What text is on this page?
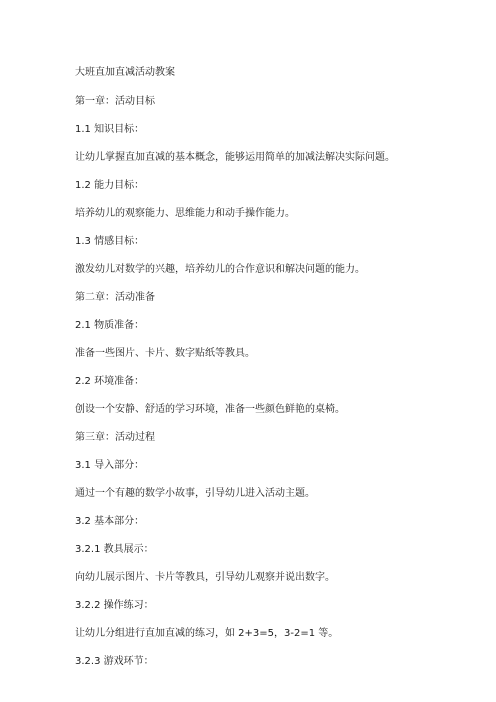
大班直加直减活动教案
第一章：活动目标
1.1 知识目标：
让幼儿掌握直加直减的基本概念，能够运用简单的加减法解决实际问题。
1.2 能力目标：
培养幼儿的观察能力、思维能力和动手操作能力。
1.3 情感目标：
激发幼儿对数学的兴趣，培养幼儿的合作意识和解决问题的能力。
第二章：活动准备
2.1 物质准备：
准备一些图片、卡片、数字贴纸等教具。
2.2 环境准备：
创设一个安静、舒适的学习环境，准备一些颜色鲜艳的桌椅。
第三章：活动过程
3.1 导入部分：
通过一个有趣的数学小故事，引导幼儿进入活动主题。
3.2 基本部分：
3.2.1 教具展示：
向幼儿展示图片、卡片等教具，引导幼儿观察并说出数字。
3.2.2 操作练习：
让幼儿分组进行直加直减的练习，如 2+3=5，3-2=1 等。
3.2.3 游戏环节：
